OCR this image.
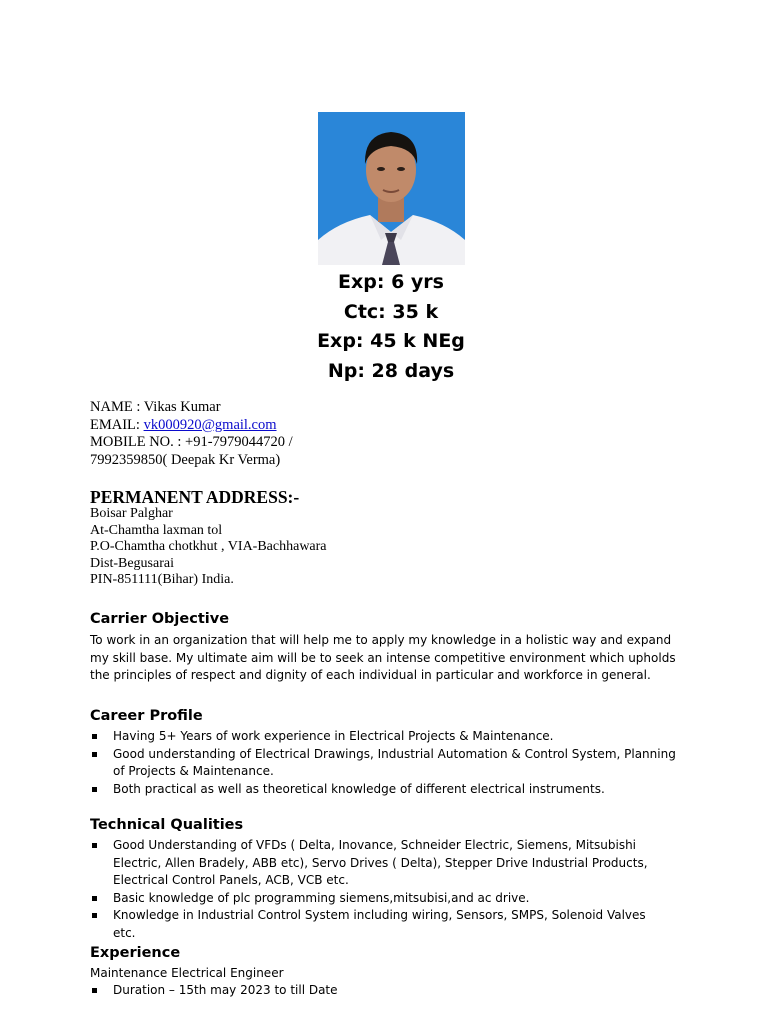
Exp: 6 yrs
Ctc: 35 k
Exp: 45 k NEg
Np: 28 days
NAME : Vikas Kumar
EMAIL: vk000920@gmail.com
MOBILE NO. : +91-7979044720 /
7992359850( Deepak Kr Verma)
PERMANENT ADDRESS:-
Boisar Palghar
At-Chamtha laxman tol
P.O-Chamtha chotkhut , VIA-Bachhawara
Dist-Begusarai
PIN-851111(Bihar) India.
Carrier Objective
To work in an organization that will help me to apply my knowledge in a holistic way and expand my skill base. My ultimate aim will be to seek an intense competitive environment which upholds the principles of respect and dignity of each individual in particular and workforce in general.
Career Profile
Having 5+ Years of work experience in Electrical Projects & Maintenance.
Good understanding of Electrical Drawings, Industrial Automation & Control System, Planning of Projects & Maintenance.
Both practical as well as theoretical knowledge of different electrical instruments.
Technical Qualities
Good Understanding of VFDs ( Delta, Inovance, Schneider Electric, Siemens, Mitsubishi Electric, Allen Bradely, ABB etc), Servo Drives ( Delta), Stepper Drive Industrial Products, Electrical Control Panels, ACB, VCB etc.
Basic knowledge of plc programming siemens,mitsubisi,and ac drive.
Knowledge in Industrial Control System including wiring, Sensors, SMPS, Solenoid Valves etc.
Experience
Maintenance Electrical Engineer
Duration – 15th may 2023 to till Date
